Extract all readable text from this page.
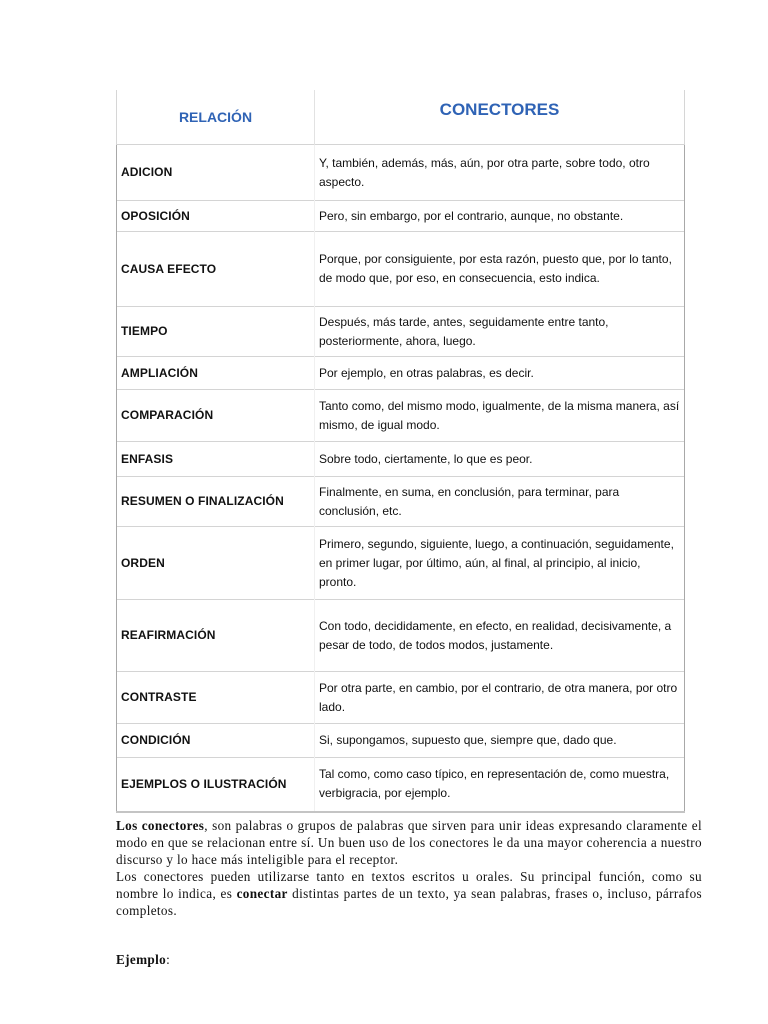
RELACIÓN	CONECTORES
ADICION	Y, también, además, más, aún, por otra parte, sobre todo, otro aspecto.
OPOSICIÓN	Pero, sin embargo, por el contrario, aunque, no obstante.
CAUSA EFECTO	Porque, por consiguiente, por esta razón, puesto que, por lo tanto, de modo que, por eso, en consecuencia, esto indica.
TIEMPO	Después, más tarde, antes, seguidamente entre tanto, posteriormente, ahora, luego.
AMPLIACIÓN	Por ejemplo, en otras palabras, es decir.
COMPARACIÓN	Tanto como, del mismo modo, igualmente, de la misma manera, así mismo, de igual modo.
ENFASIS	Sobre todo, ciertamente, lo que es peor.
RESUMEN O FINALIZACIÓN	Finalmente, en suma, en conclusión, para terminar, para conclusión, etc.
ORDEN	Primero, segundo, siguiente, luego, a continuación, seguidamente, en primer lugar, por último, aún, al final, al principio, al inicio, pronto.
REAFIRMACIÓN	Con todo, decididamente, en efecto, en realidad, decisivamente, a pesar de todo, de todos modos, justamente.
CONTRASTE	Por otra parte, en cambio, por el contrario, de otra manera, por otro lado.
CONDICIÓN	Si, supongamos, supuesto que, siempre que, dado que.
EJEMPLOS O ILUSTRACIÓN	Tal como, como caso típico, en representación de, como muestra, verbigracia, por ejemplo.

Los conectores, son palabras o grupos de palabras que sirven para unir ideas expresando claramente el modo en que se relacionan entre sí. Un buen uso de los conectores le da una mayor coherencia a nuestro discurso y lo hace más inteligible para el receptor.

Los conectores pueden utilizarse tanto en textos escritos u orales. Su principal función, como su nombre lo indica, es conectar distintas partes de un texto, ya sean palabras, frases o, incluso, párrafos completos.

Ejemplo:
